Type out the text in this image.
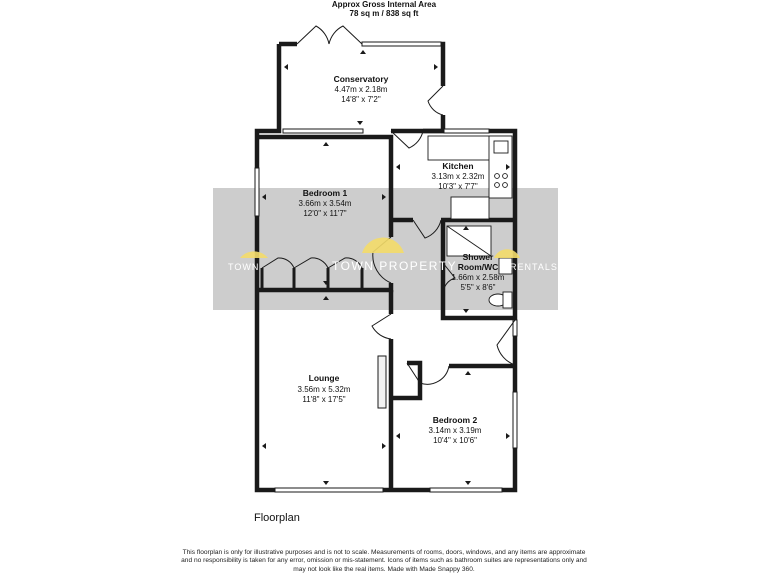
Approx Gross Internal Area
78 sq m / 838 sq ft
TOWN	TOWN PROPERTY	RENTALS
Conservatory
4.47m x 2.18m
14'8" x 7'2"
Bedroom 1
3.66m x 3.54m
12'0" x 11'7"
Kitchen
3.13m x 2.32m
10'3" x 7'7"
Shower
Room/WC
1.66m x 2.58m
5'5" x 8'6"
Lounge
3.56m x 5.32m
11'8" x 17'5"
Bedroom 2
3.14m x 3.19m
10'4" x 10'6"
Floorplan
This floorplan is only for illustrative purposes and is not to scale. Measurements of rooms, doors, windows, and any items are approximate
and no responsibility is taken for any error, omission or mis-statement. Icons of items such as bathroom suites are representations only and
may not look like the real items. Made with Made Snappy 360.
